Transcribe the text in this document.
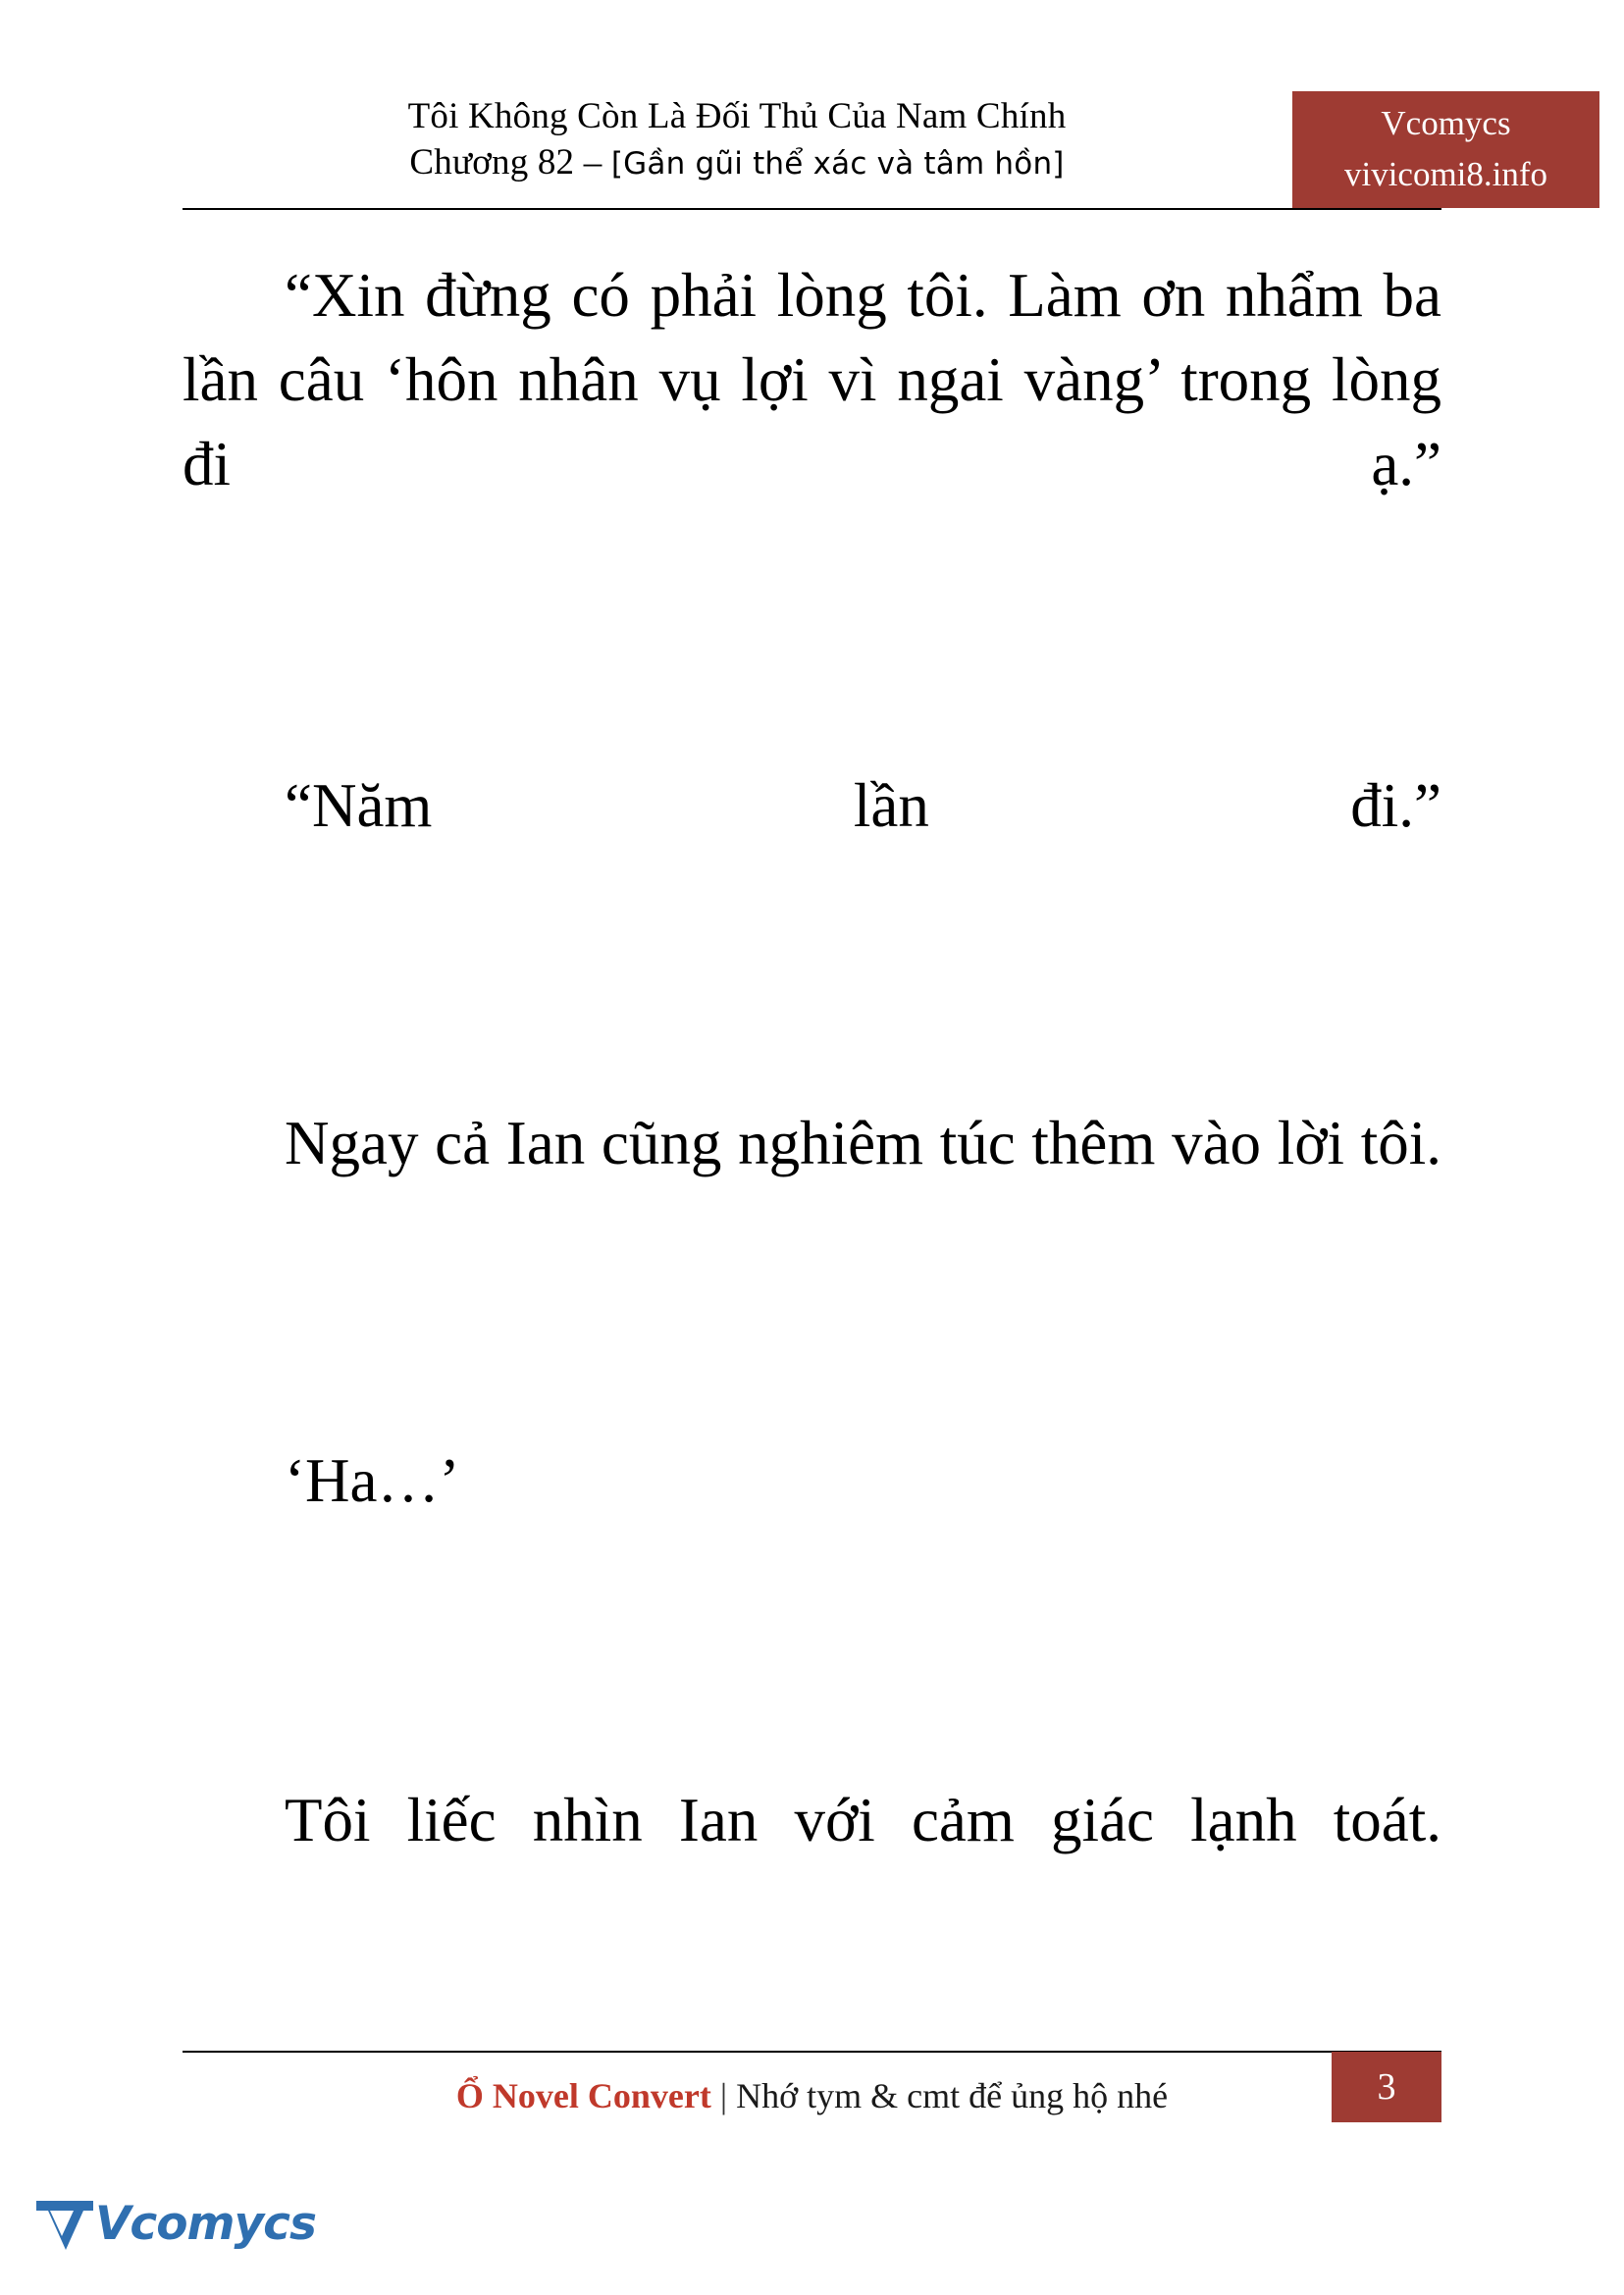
Tôi Không Còn Là Đối Thủ Của Nam Chính
Chương 82 – [Gần gũi thể xác và tâm hồn]
Vcomycs
vivicomi8.info

“Xin đừng có phải lòng tôi. Làm ơn nhẩm ba lần câu ‘hôn nhân vụ lợi vì ngai vàng’ trong lòng đi ạ.”

“Năm lần đi.”

Ngay cả Ian cũng nghiêm túc thêm vào lời tôi.

‘Ha…’

Tôi liếc nhìn Ian với cảm giác lạnh toát.

Ổ Novel Convert | Nhớ tym & cmt để ủng hộ nhé	3
Vcomycs
